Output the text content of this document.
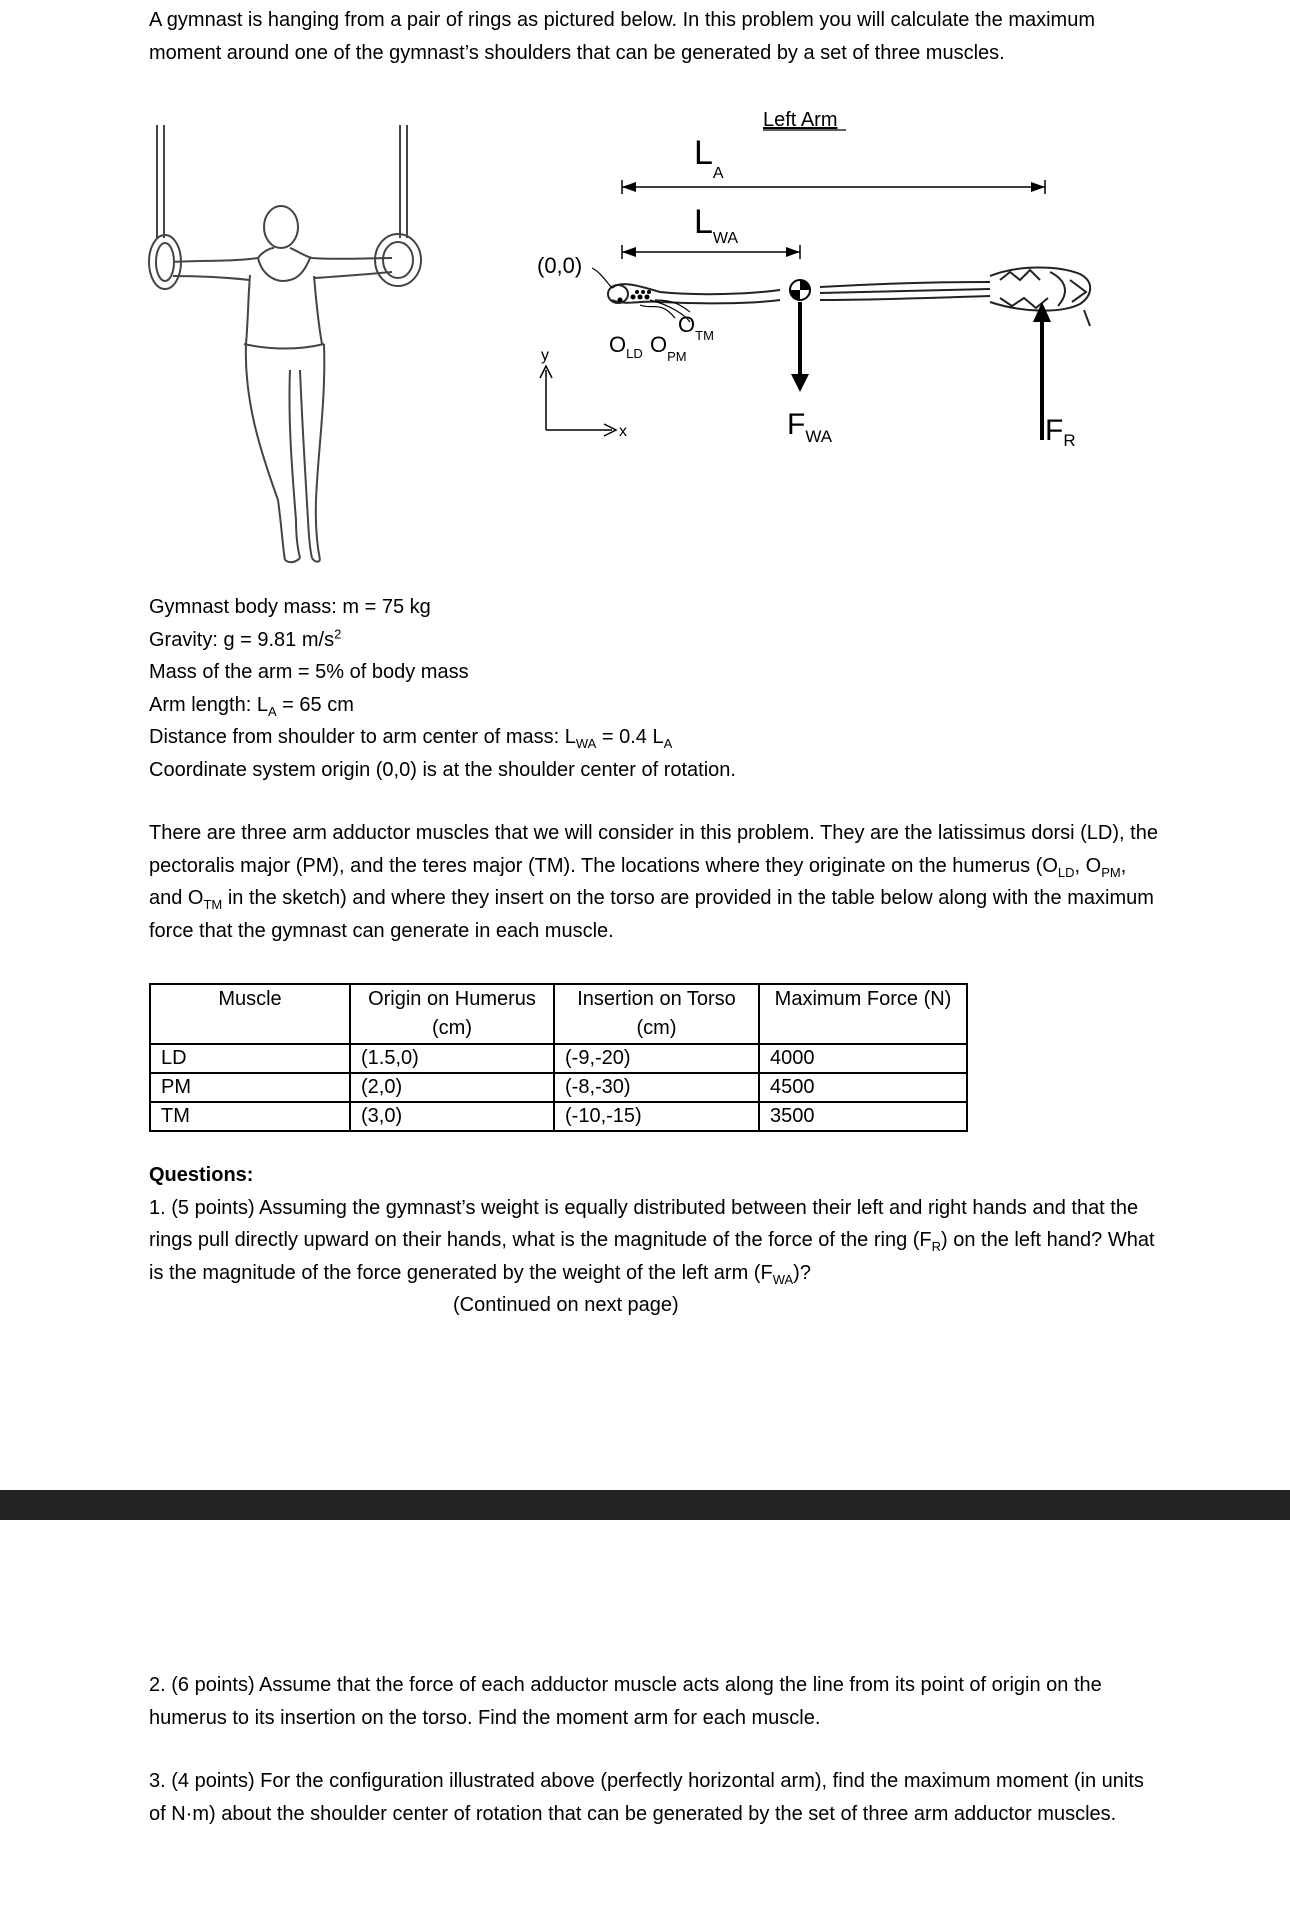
A gymnast is hanging from a pair of rings as pictured below. In this problem you will calculate the maximum moment around one of the gymnast’s shoulders that can be generated by a set of three muscles.
Left Arm
(0,0)
$L_A$
$L_{WA}$
$O_{LD}$ $O_{PM}$
$O_{TM}$
$F_{WA}$	$F_R$
y
x
Gymnast body mass: m = 75 kg
Gravity: g = 9.81 $m/s^2$
Mass of the arm = 5% of body mass
Arm length: $L_A = 65$ cm
Distance from shoulder to arm center of mass: $L_{WA} = 0.4$ $L_A$
Coordinate system origin (0,0) is at the shoulder center of rotation.
There are three arm adductor muscles that we will consider in this problem. They are the latissimus dorsi (LD), the pectoralis major (PM), and the teres major (TM). The locations where they originate on the humerus ($O_{LD}$, $O_{PM}$, and $O_{TM}$ in the sketch) and where they insert on the torso are provided in the table below along with the maximum force that the gymnast can generate in each muscle.
Muscle	Origin on Humerus (cm)	Insertion on Torso (cm)	Maximum Force (N)
LD	(1.5,0)	(-9,-20)	4000
PM	(2,0)	(-8,-30)	4500
TM	(3,0)	(-10,-15)	3500
Questions:
1. (5 points) Assuming the gymnast’s weight is equally distributed between their left and right hands and that the rings pull directly upward on their hands, what is the magnitude of the force of the ring $(F_R)$ on the left hand? What is the magnitude of the force generated by the weight of the left arm $(F_{WA})$?
(Continued on next page)
2. (6 points) Assume that the force of each adductor muscle acts along the line from its point of origin on the humerus to its insertion on the torso. Find the moment arm for each muscle.
3. (4 points) For the configuration illustrated above (perfectly horizontal arm), find the maximum moment (in units of N·m) about the shoulder center of rotation that can be generated by the set of three arm adductor muscles.
